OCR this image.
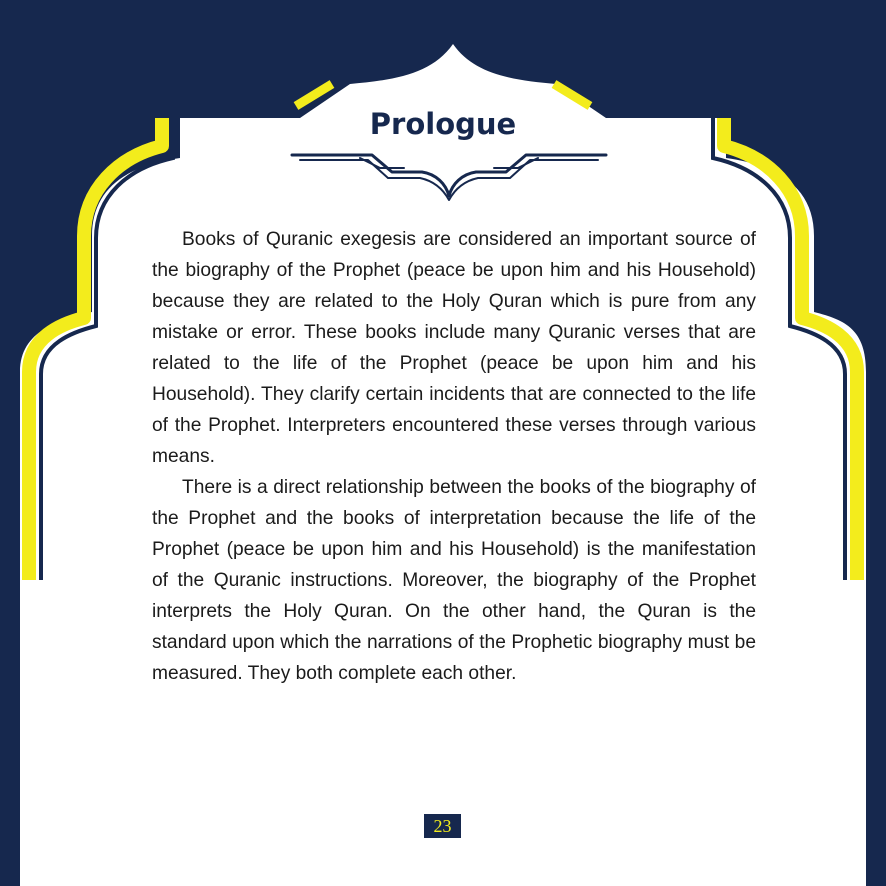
Prologue

Books of Quranic exegesis are considered an important source of the biography of the Prophet (peace be upon him and his Household) because they are related to the Holy Quran which is pure from any mistake or error. These books include many Quranic verses that are related to the life of the Prophet (peace be upon him and his Household). They clarify certain incidents that are connected to the life of the Prophet. Interpreters encountered these verses through various means.

There is a direct relationship between the books of the biography of the Prophet and the books of interpretation because the life of the Prophet (peace be upon him and his Household) is the manifestation of the Quranic instructions. Moreover, the biography of the Prophet interprets the Holy Quran. On the other hand, the Quran is the standard upon which the narrations of the Prophetic biography must be measured. They both complete each other.

23
